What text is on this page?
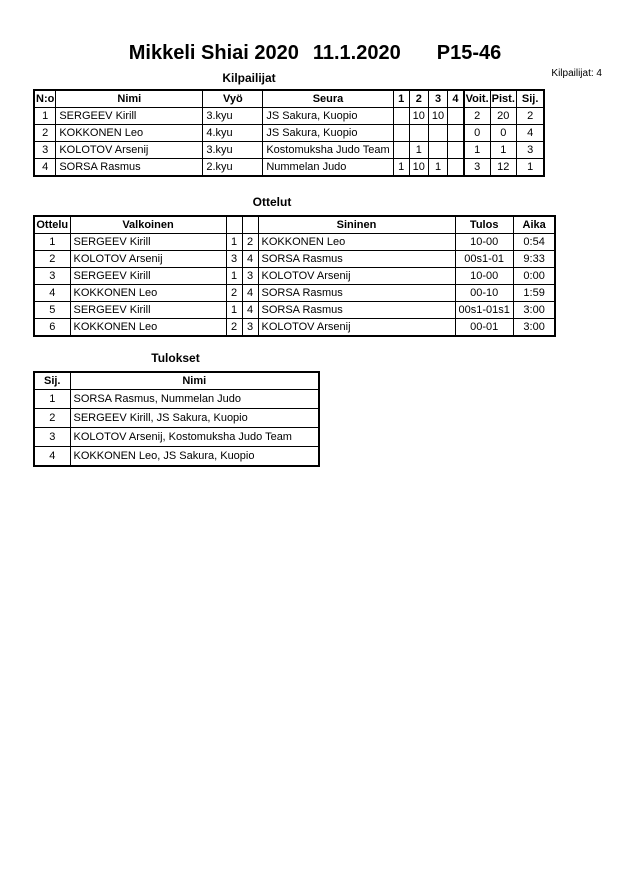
Mikkeli Shiai 2020 11.1.2020 P15-46
Kilpailijat: 4
Kilpailijat
N:o	Nimi	Vyö	Seura	1	2	3	4	Voit.	Pist.	Sij.
1	SERGEEV Kirill	3.kyu	JS Sakura, Kuopio		10	10		2	20	2
2	KOKKONEN Leo	4.kyu	JS Sakura, Kuopio					0	0	4
3	KOLOTOV Arsenij	3.kyu	Kostomuksha Judo Team		1			1	1	3
4	SORSA Rasmus	2.kyu	Nummelan Judo	1	10	1		3	12	1
Ottelut
Ottelu	Valkoinen			Sininen	Tulos	Aika
1	SERGEEV Kirill	1	2	KOKKONEN Leo	10-00	0:54
2	KOLOTOV Arsenij	3	4	SORSA Rasmus	00s1-01	9:33
3	SERGEEV Kirill	1	3	KOLOTOV Arsenij	10-00	0:00
4	KOKKONEN Leo	2	4	SORSA Rasmus	00-10	1:59
5	SERGEEV Kirill	1	4	SORSA Rasmus	00s1-01s1	3:00
6	KOKKONEN Leo	2	3	KOLOTOV Arsenij	00-01	3:00
Tulokset
Sij.	Nimi
1	SORSA Rasmus, Nummelan Judo
2	SERGEEV Kirill, JS Sakura, Kuopio
3	KOLOTOV Arsenij, Kostomuksha Judo Team
4	KOKKONEN Leo, JS Sakura, Kuopio
